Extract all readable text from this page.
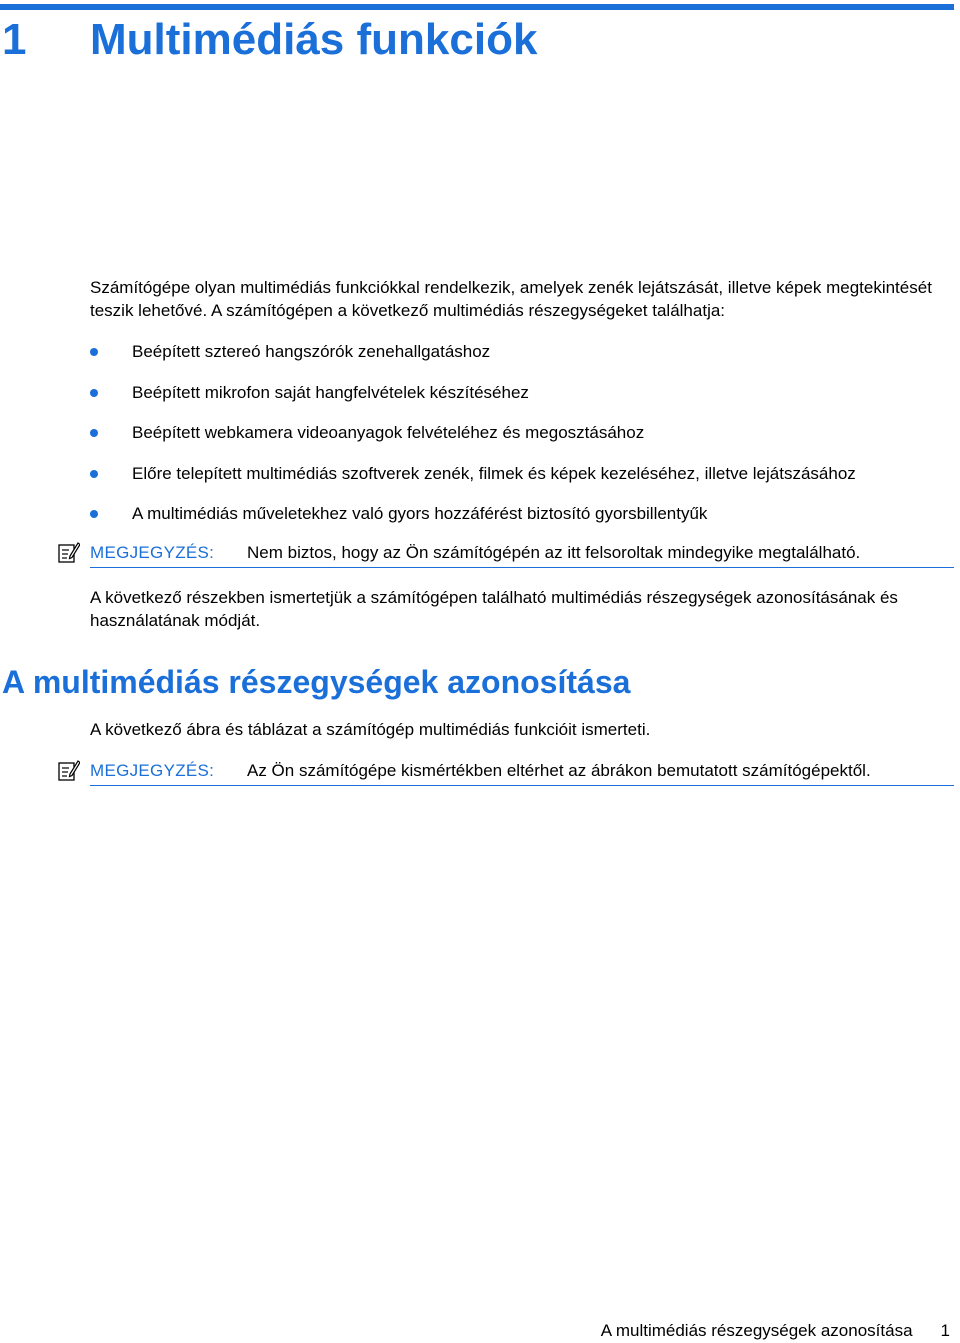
1 Multimédiás funkciók

Számítógépe olyan multimédiás funkciókkal rendelkezik, amelyek zenék lejátszását, illetve képek megtekintését teszik lehetővé. A számítógépen a következő multimédiás részegységeket találhatja:

Beépített sztereó hangszórók zenehallgatáshoz
Beépített mikrofon saját hangfelvételek készítéséhez
Beépített webkamera videoanyagok felvételéhez és megosztásához
Előre telepített multimédiás szoftverek zenék, filmek és képek kezeléséhez, illetve lejátszásához
A multimédiás műveletekhez való gyors hozzáférést biztosító gyorsbillentyűk
MEGJEGYZÉS: Nem biztos, hogy az Ön számítógépén az itt felsoroltak mindegyike megtalálható.

A következő részekben ismertetjük a számítógépen található multimédiás részegységek azonosításának és használatának módját.

A multimédiás részegységek azonosítása

A következő ábra és táblázat a számítógép multimédiás funkcióit ismerteti.

MEGJEGYZÉS: Az Ön számítógépe kismértékben eltérhet az ábrákon bemutatott számítógépektől.
A multimédiás részegységek azonosítása 1
